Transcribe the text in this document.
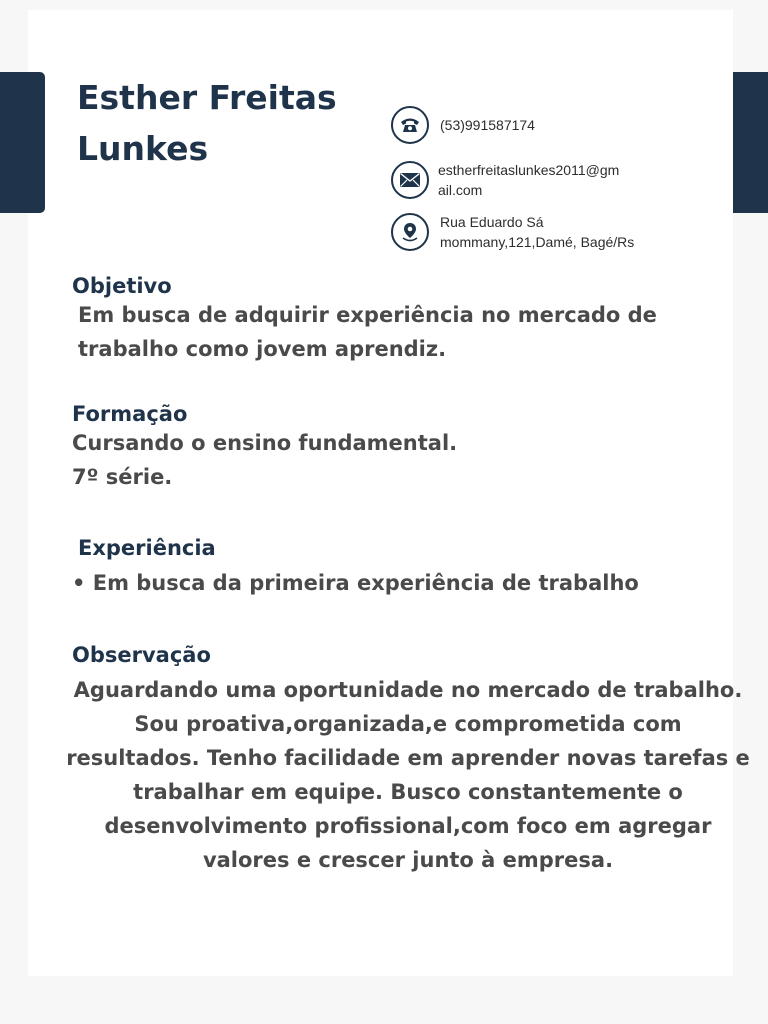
Esther Freitas
Lunkes
(53)991587174
estherfreitaslunkes2011@gm
ail.com
Rua Eduardo Sá
mommany,121,Damé, Bagé/Rs
Objetivo

Em busca de adquirir experiência no mercado de
trabalho como jovem aprendiz.

Formação

Cursando o ensino fundamental.
7º série.

Experiência

• Em busca da primeira experiência de trabalho

Observação

Aguardando uma oportunidade no mercado de trabalho.
Sou proativa,organizada,e comprometida com
resultados. Tenho facilidade em aprender novas tarefas e
trabalhar em equipe. Busco constantemente o
desenvolvimento profissional,com foco em agregar
valores e crescer junto à empresa.
